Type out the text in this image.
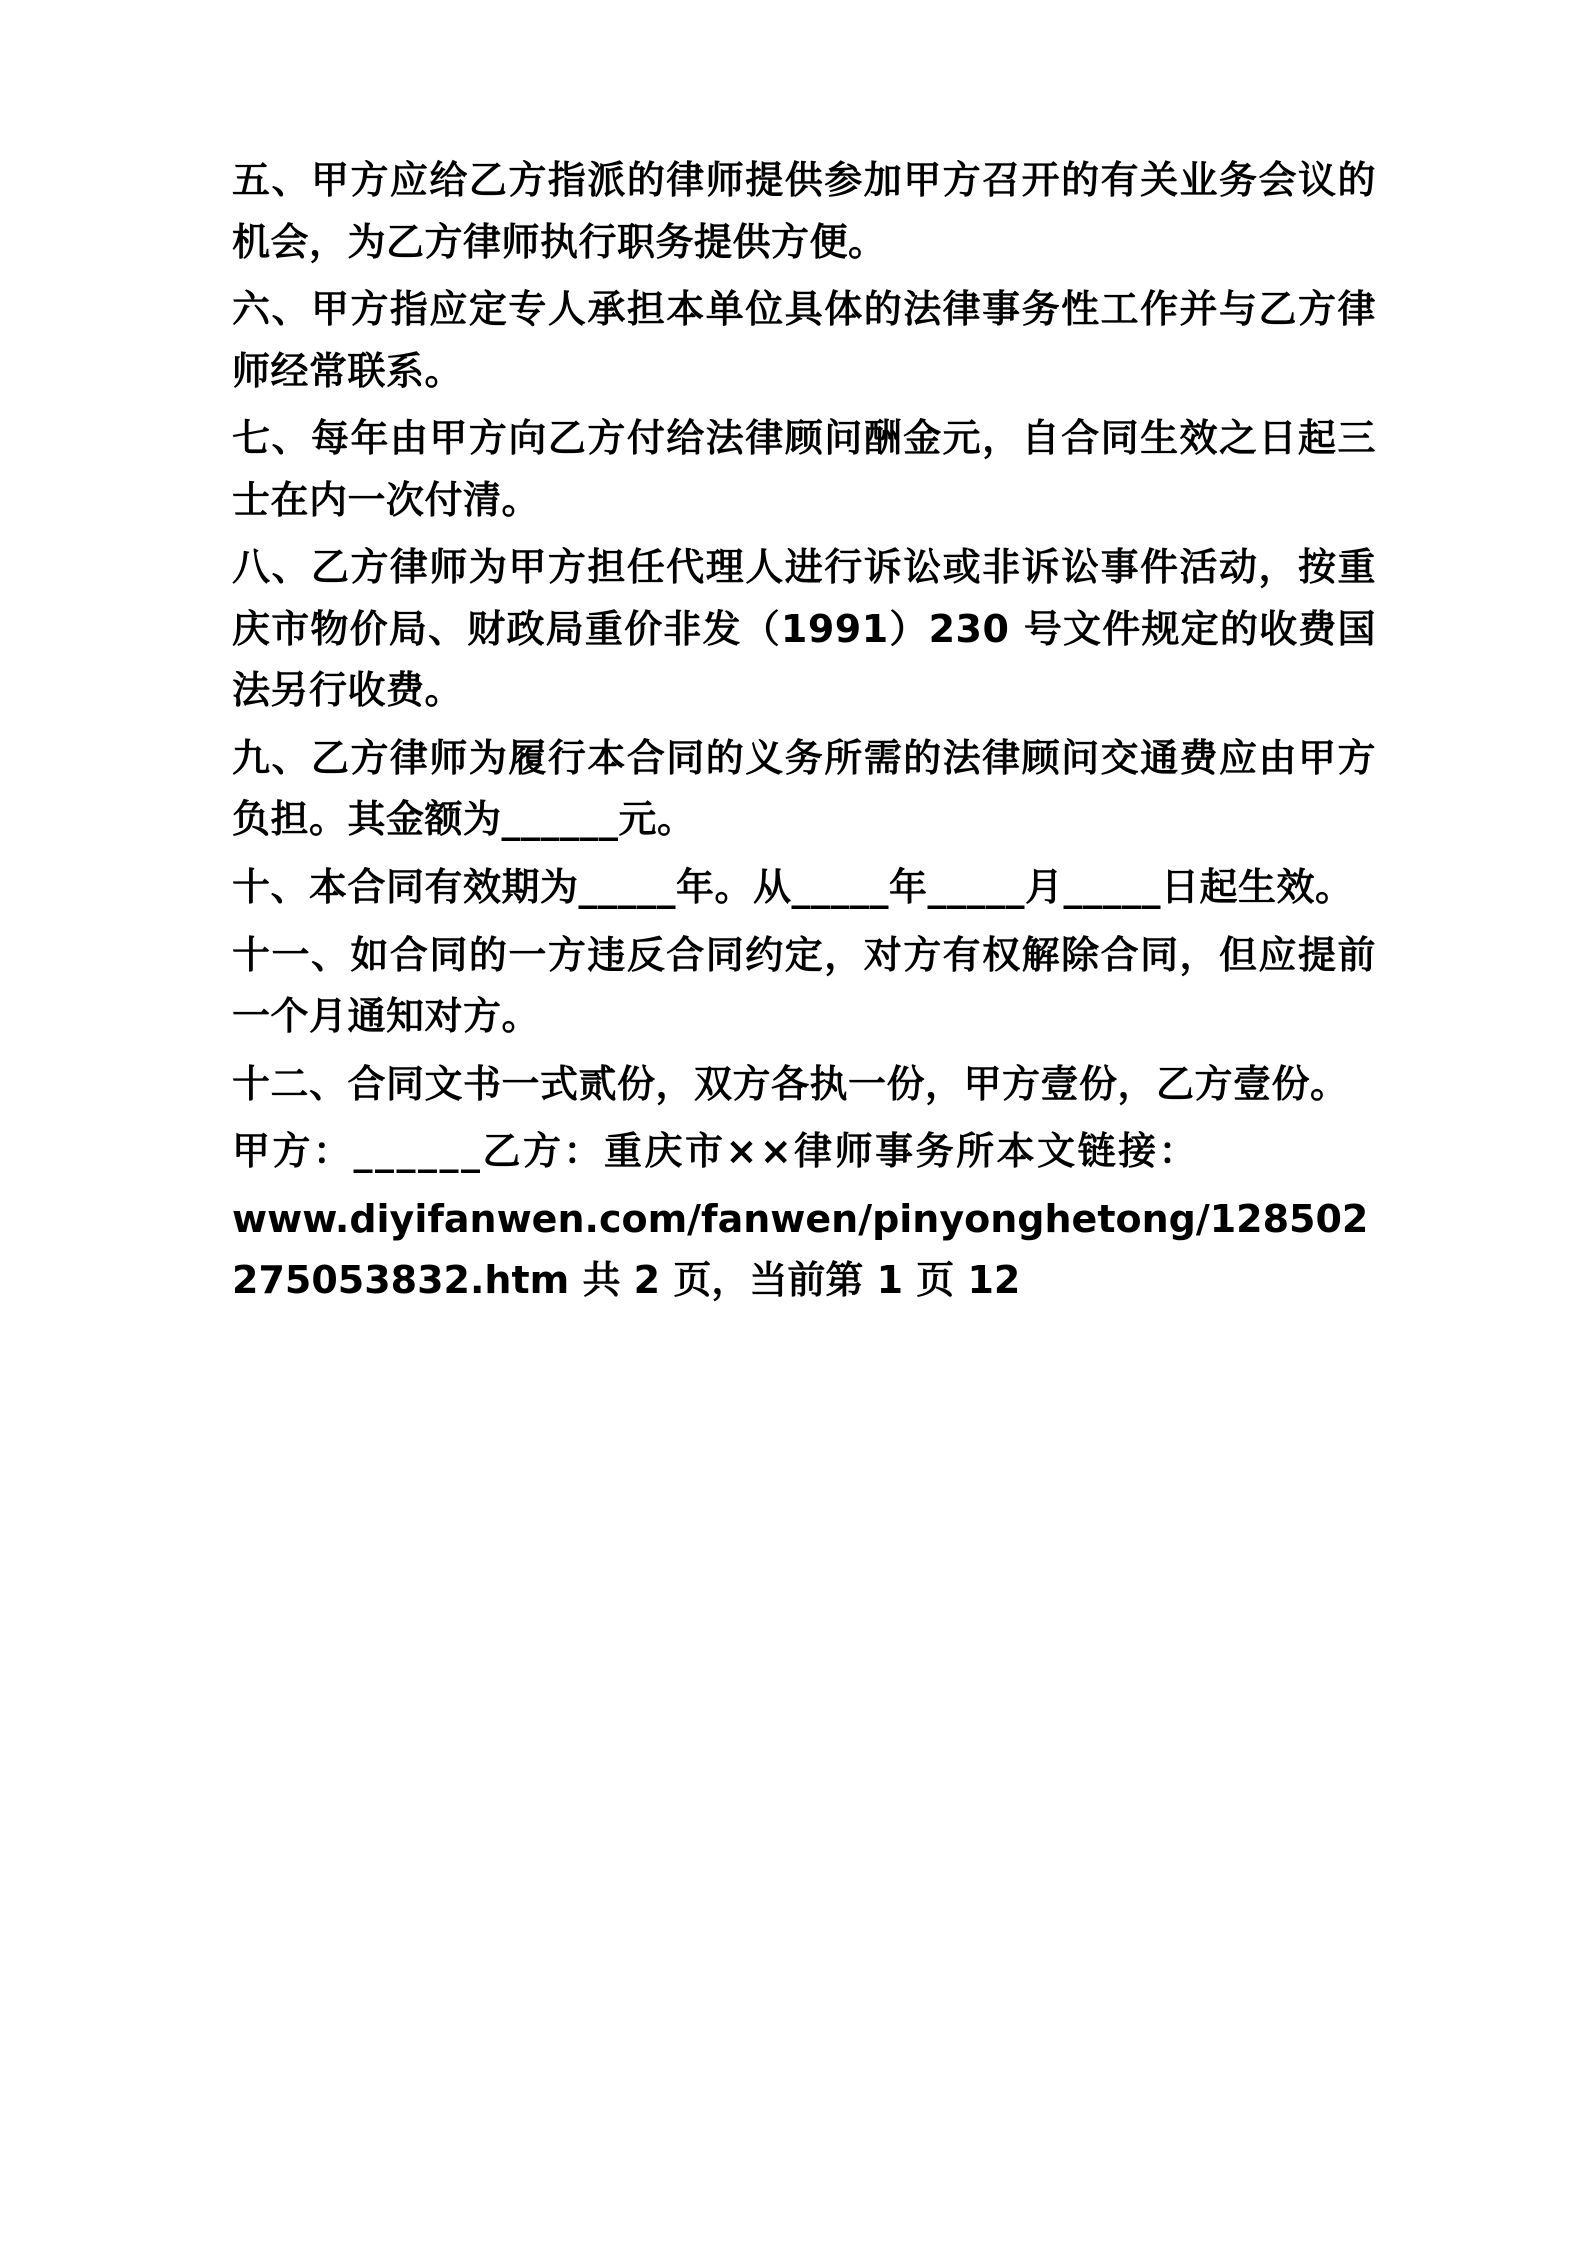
五、甲方应给乙方指派的律师提供参加甲方召开的有关业务会议的机会，为乙方律师执行职务提供方便。

六、甲方指应定专人承担本单位具体的法律事务性工作并与乙方律师经常联系。

七、每年由甲方向乙方付给法律顾问酬金元，自合同生效之日起三士在内一次付清。

八、乙方律师为甲方担任代理人进行诉讼或非诉讼事件活动，按重庆市物价局、财政局重价非发（1991）230 号文件规定的收费国法另行收费。

九、乙方律师为履行本合同的义务所需的法律顾问交通费应由甲方负担。其金额为______元。

十、本合同有效期为_____年。从_____年_____月_____日起生效。

十一、如合同的一方违反合同约定，对方有权解除合同，但应提前一个月通知对方。

十二、合同文书一式贰份，双方各执一份，甲方壹份，乙方壹份。

甲方：______乙方：重庆市××律师事务所本文链接：

www.diyifanwen.com/fanwen/pinyonghetong/128502275053832.htm 共 2 页，当前第 1 页 12
